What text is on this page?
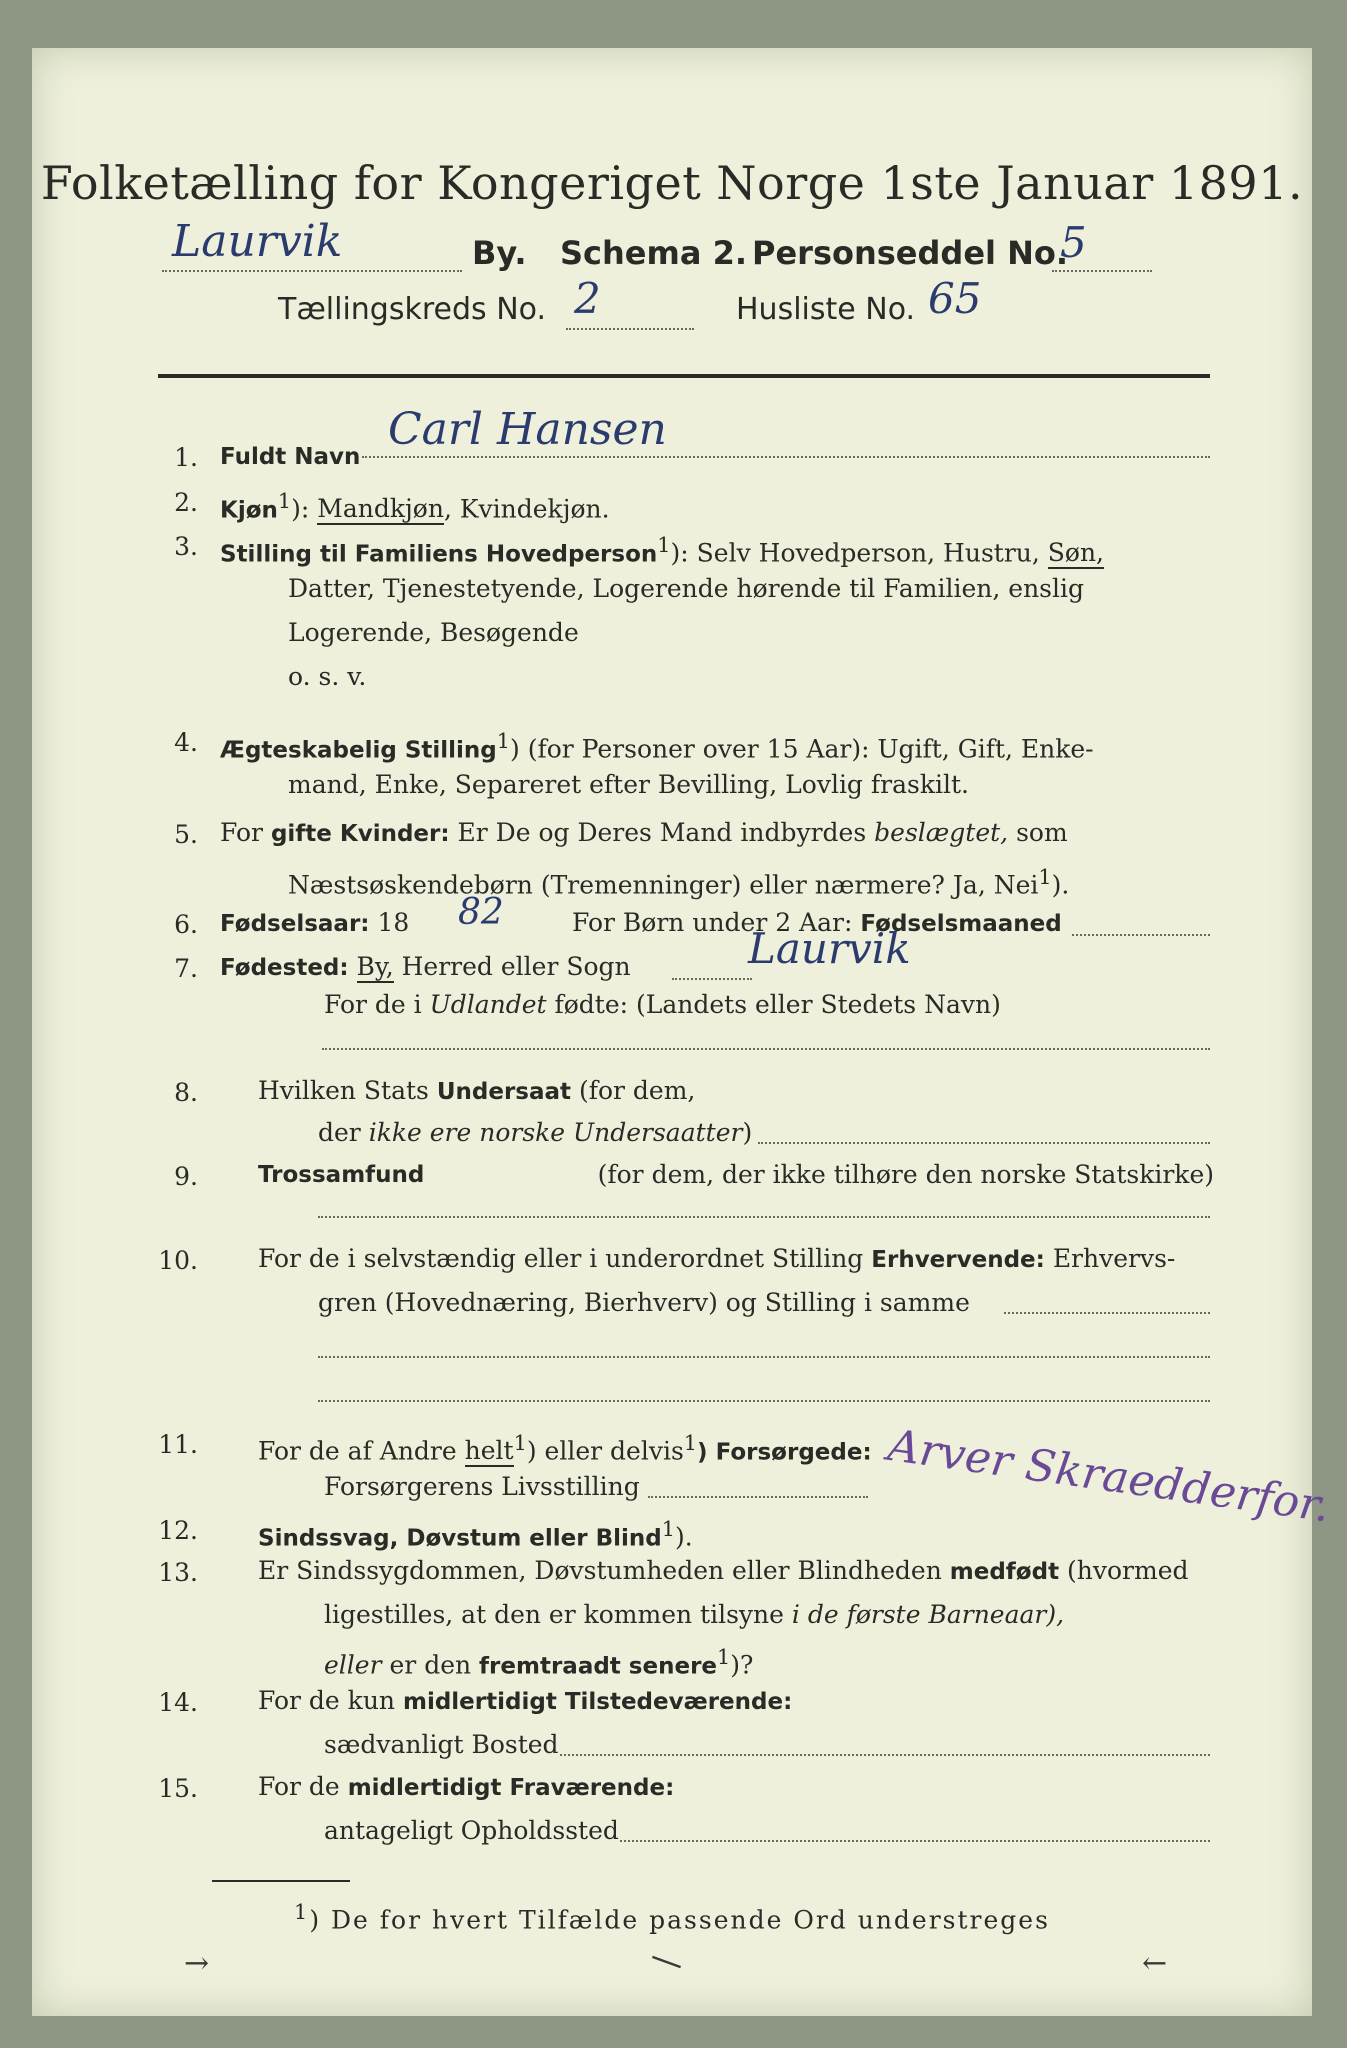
Folketælling for Kongeriget Norge 1ste Januar 1891.
Laurvik	By. Schema 2. Personseddel No.
5
Tællingskreds No. 2	Husliste No. 65
1. Fuldt Navn
Carl Hansen
2. Kjøn$^1$): Mandkjøn, Kvindekjøn.
3. Stilling til Familiens Hovedperson$^1$): Selv Hovedperson, Hustru, Søn,
Datter, Tjenestetyende, Logerende hørende til Familien, enslig
Logerende, Besøgende
o. s. v.
4. Ægteskabelig Stilling$^1$) (for Personer over 15 Aar): Ugift, Gift, Enke-
mand, Enke, Separeret efter Bevilling, Lovlig fraskilt.
5. For gifte Kvinder: Er De og Deres Mand indbyrdes beslægtet, som
Næstsøskendebørn (Tremenninger) eller nærmere? Ja, Nei$^1$).
6. Fødselsaar: 18 82	For Børn under 2 Aar: Fødselsmaaned
7. Fødested: By, Herred eller Sogn	Laurvik
For de i Udlandet fødte: (Landets eller Stedets Navn)
8. Hvilken Stats Undersaat (for dem,
der ikke ere norske Undersaatter)
9.	Trossamfund	(for dem, der ikke tilhøre den norske Statskirke)
10. For de i selvstændig eller i underordnet Stilling Erhvervende: Erhvervs-
gren (Hovednæring, Bierhverv) og Stilling i samme
11. For de af Andre helt$^1$) eller delvis$^1$) Forsørgede:
Forsørgerens Livsstilling	Arver Skraedderfor.
12.	Sindssvag, Døvstum eller Blind$^1$).
13. Er Sindssygdommen, Døvstumheden eller Blindheden medfødt (hvormed
ligestilles, at den er kommen tilsyne i de første Barneaar),
eller er den fremtraadt senere$^1$)?
14. For de kun midlertidigt Tilstedeværende:
sædvanligt Bosted
15. For de midlertidigt Fraværende:
antageligt Opholdssted
$^1$) De for hvert Tilfælde passende Ord understreges
→	|	←
